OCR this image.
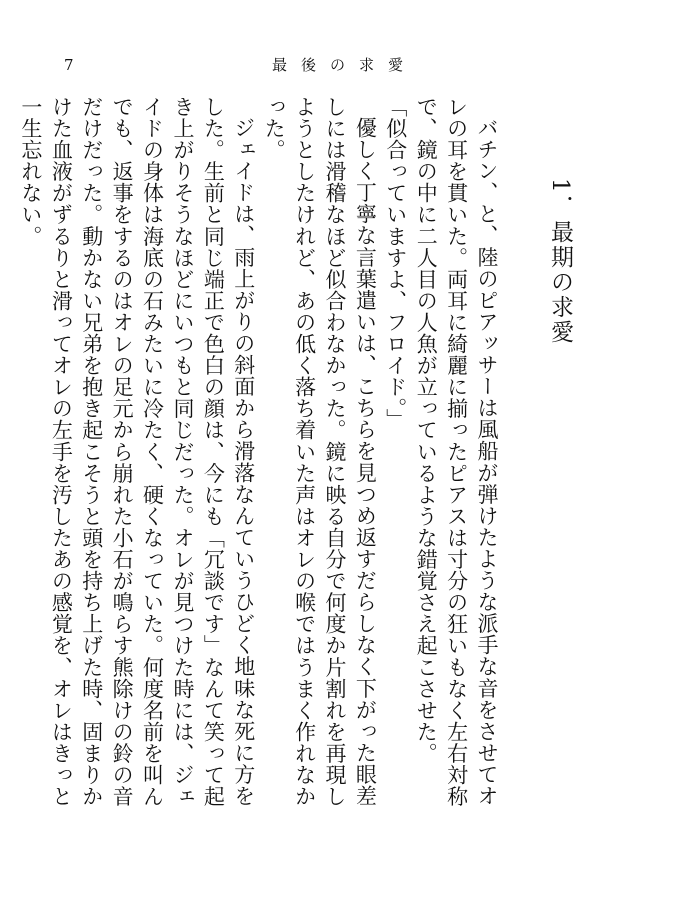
7	最後の求愛
1．最期の求愛

バチン、と、陸のピアッサーは風船が弾けたような派手な音をさせてオレの耳を貫いた。両耳に綺麗に揃ったピアスは寸分の狂いもなく左右対称で、鏡の中に二人目の人魚が立っているような錯覚さえ起こさせた。

「似合っていますよ、フロイド。」

優しく丁寧な言葉遣いは、こちらを見つめ返すだらしなく下がった眼差しには滑稽なほど似合わなかった。鏡に映る自分で何度か片割れを再現しようとしたけれど、あの低く落ち着いた声はオレの喉ではうまく作れなかった。

ジェイドは、雨上がりの斜面から滑落なんていうひどく地味な死に方をした。生前と同じ端正で色白の顔は、今にも「冗談です」なんて笑って起き上がりそうなほどにいつもと同じだった。オレが見つけた時には、ジェイドの身体は海底の石みたいに冷たく、硬くなっていた。何度名前を叫んでも、返事をするのはオレの足元から崩れた小石が鳴らす熊除けの鈴の音だけだった。動かない兄弟を抱き起こそうと頭を持ち上げた時、固まりかけた血液がずるりと滑ってオレの左手を汚したあの感覚を、オレはきっと一生忘れない。
